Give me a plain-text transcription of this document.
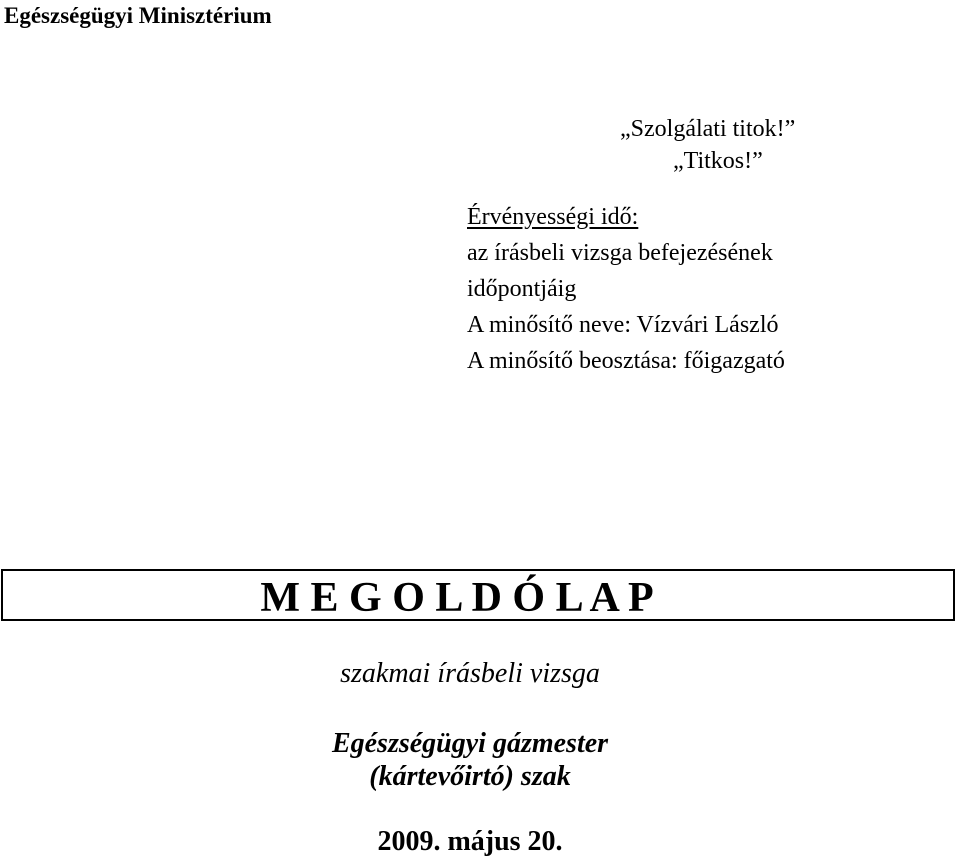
Egészségügyi Minisztérium
„Szolgálati titok!”
„Titkos!”
Érvényességi idő:
az írásbeli vizsga befejezésének
időpontjáig
A minősítő neve: Vízvári László
A minősítő beosztása: főigazgató
M E G O L D Ó L A P
szakmai írásbeli vizsga
Egészségügyi gázmester
(kártevőirtó) szak
2009. május 20.
